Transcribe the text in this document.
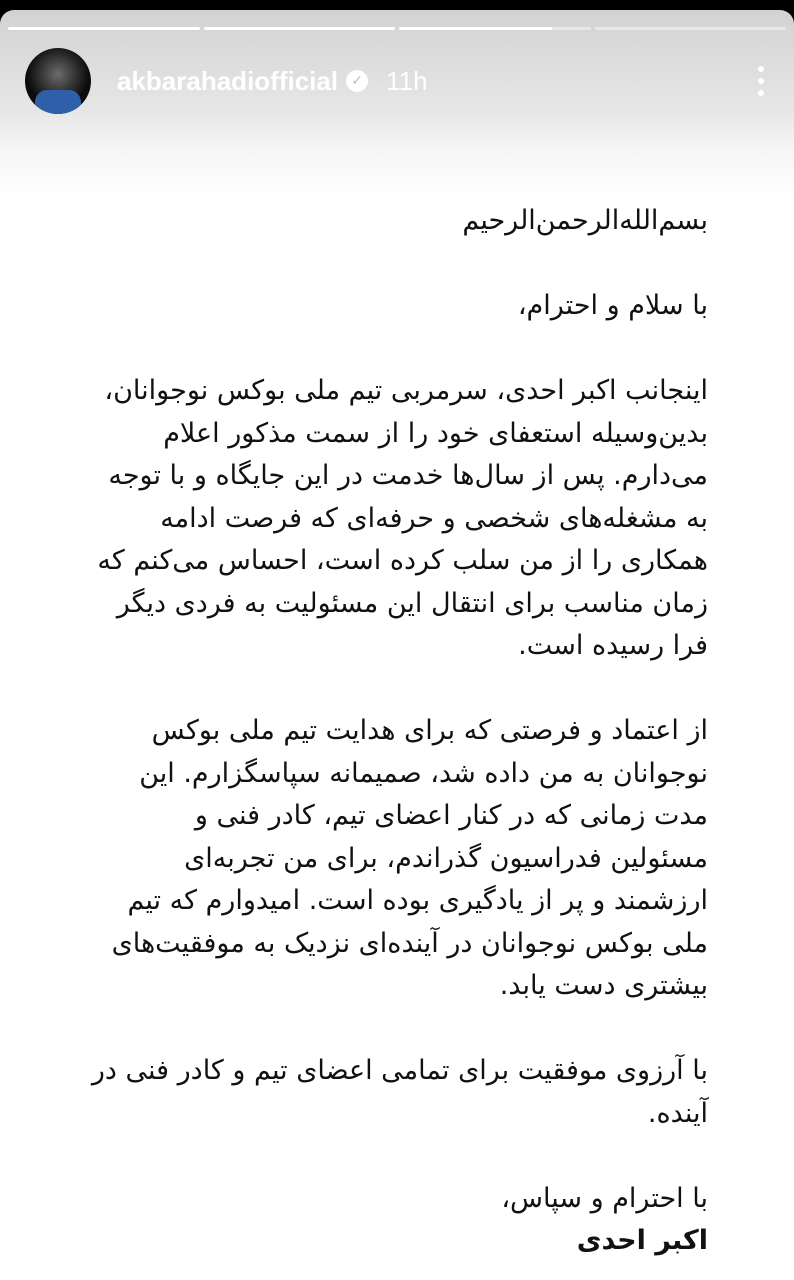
akbarahadiofficial ✓ 11h
بسم‌الله‌الرحمن‌الرحیم
با سلام و احترام،
اینجانب اکبر احدی، سرمربی تیم ملی بوکس نوجوانان،
بدین‌وسیله استعفای خود را از سمت مذکور اعلام
می‌دارم. پس از سال‌ها خدمت در این جایگاه و با توجه
به مشغله‌های شخصی و حرفه‌ای که فرصت ادامه
همکاری را از من سلب کرده است، احساس می‌کنم که
زمان مناسب برای انتقال این مسئولیت به فردی دیگر
فرا رسیده است.
از اعتماد و فرصتی که برای هدایت تیم ملی بوکس
نوجوانان به من داده شد، صمیمانه سپاسگزارم. این
مدت زمانی که در کنار اعضای تیم، کادر فنی و
مسئولین فدراسیون گذراندم، برای من تجربه‌ای
ارزشمند و پر از یادگیری بوده است. امیدوارم که تیم
ملی بوکس نوجوانان در آینده‌ای نزدیک به موفقیت‌های
بیشتری دست یابد.
با آرزوی موفقیت برای تمامی اعضای تیم و کادر فنی در
آینده.
با احترام و سپاس،
اکبر احدی
